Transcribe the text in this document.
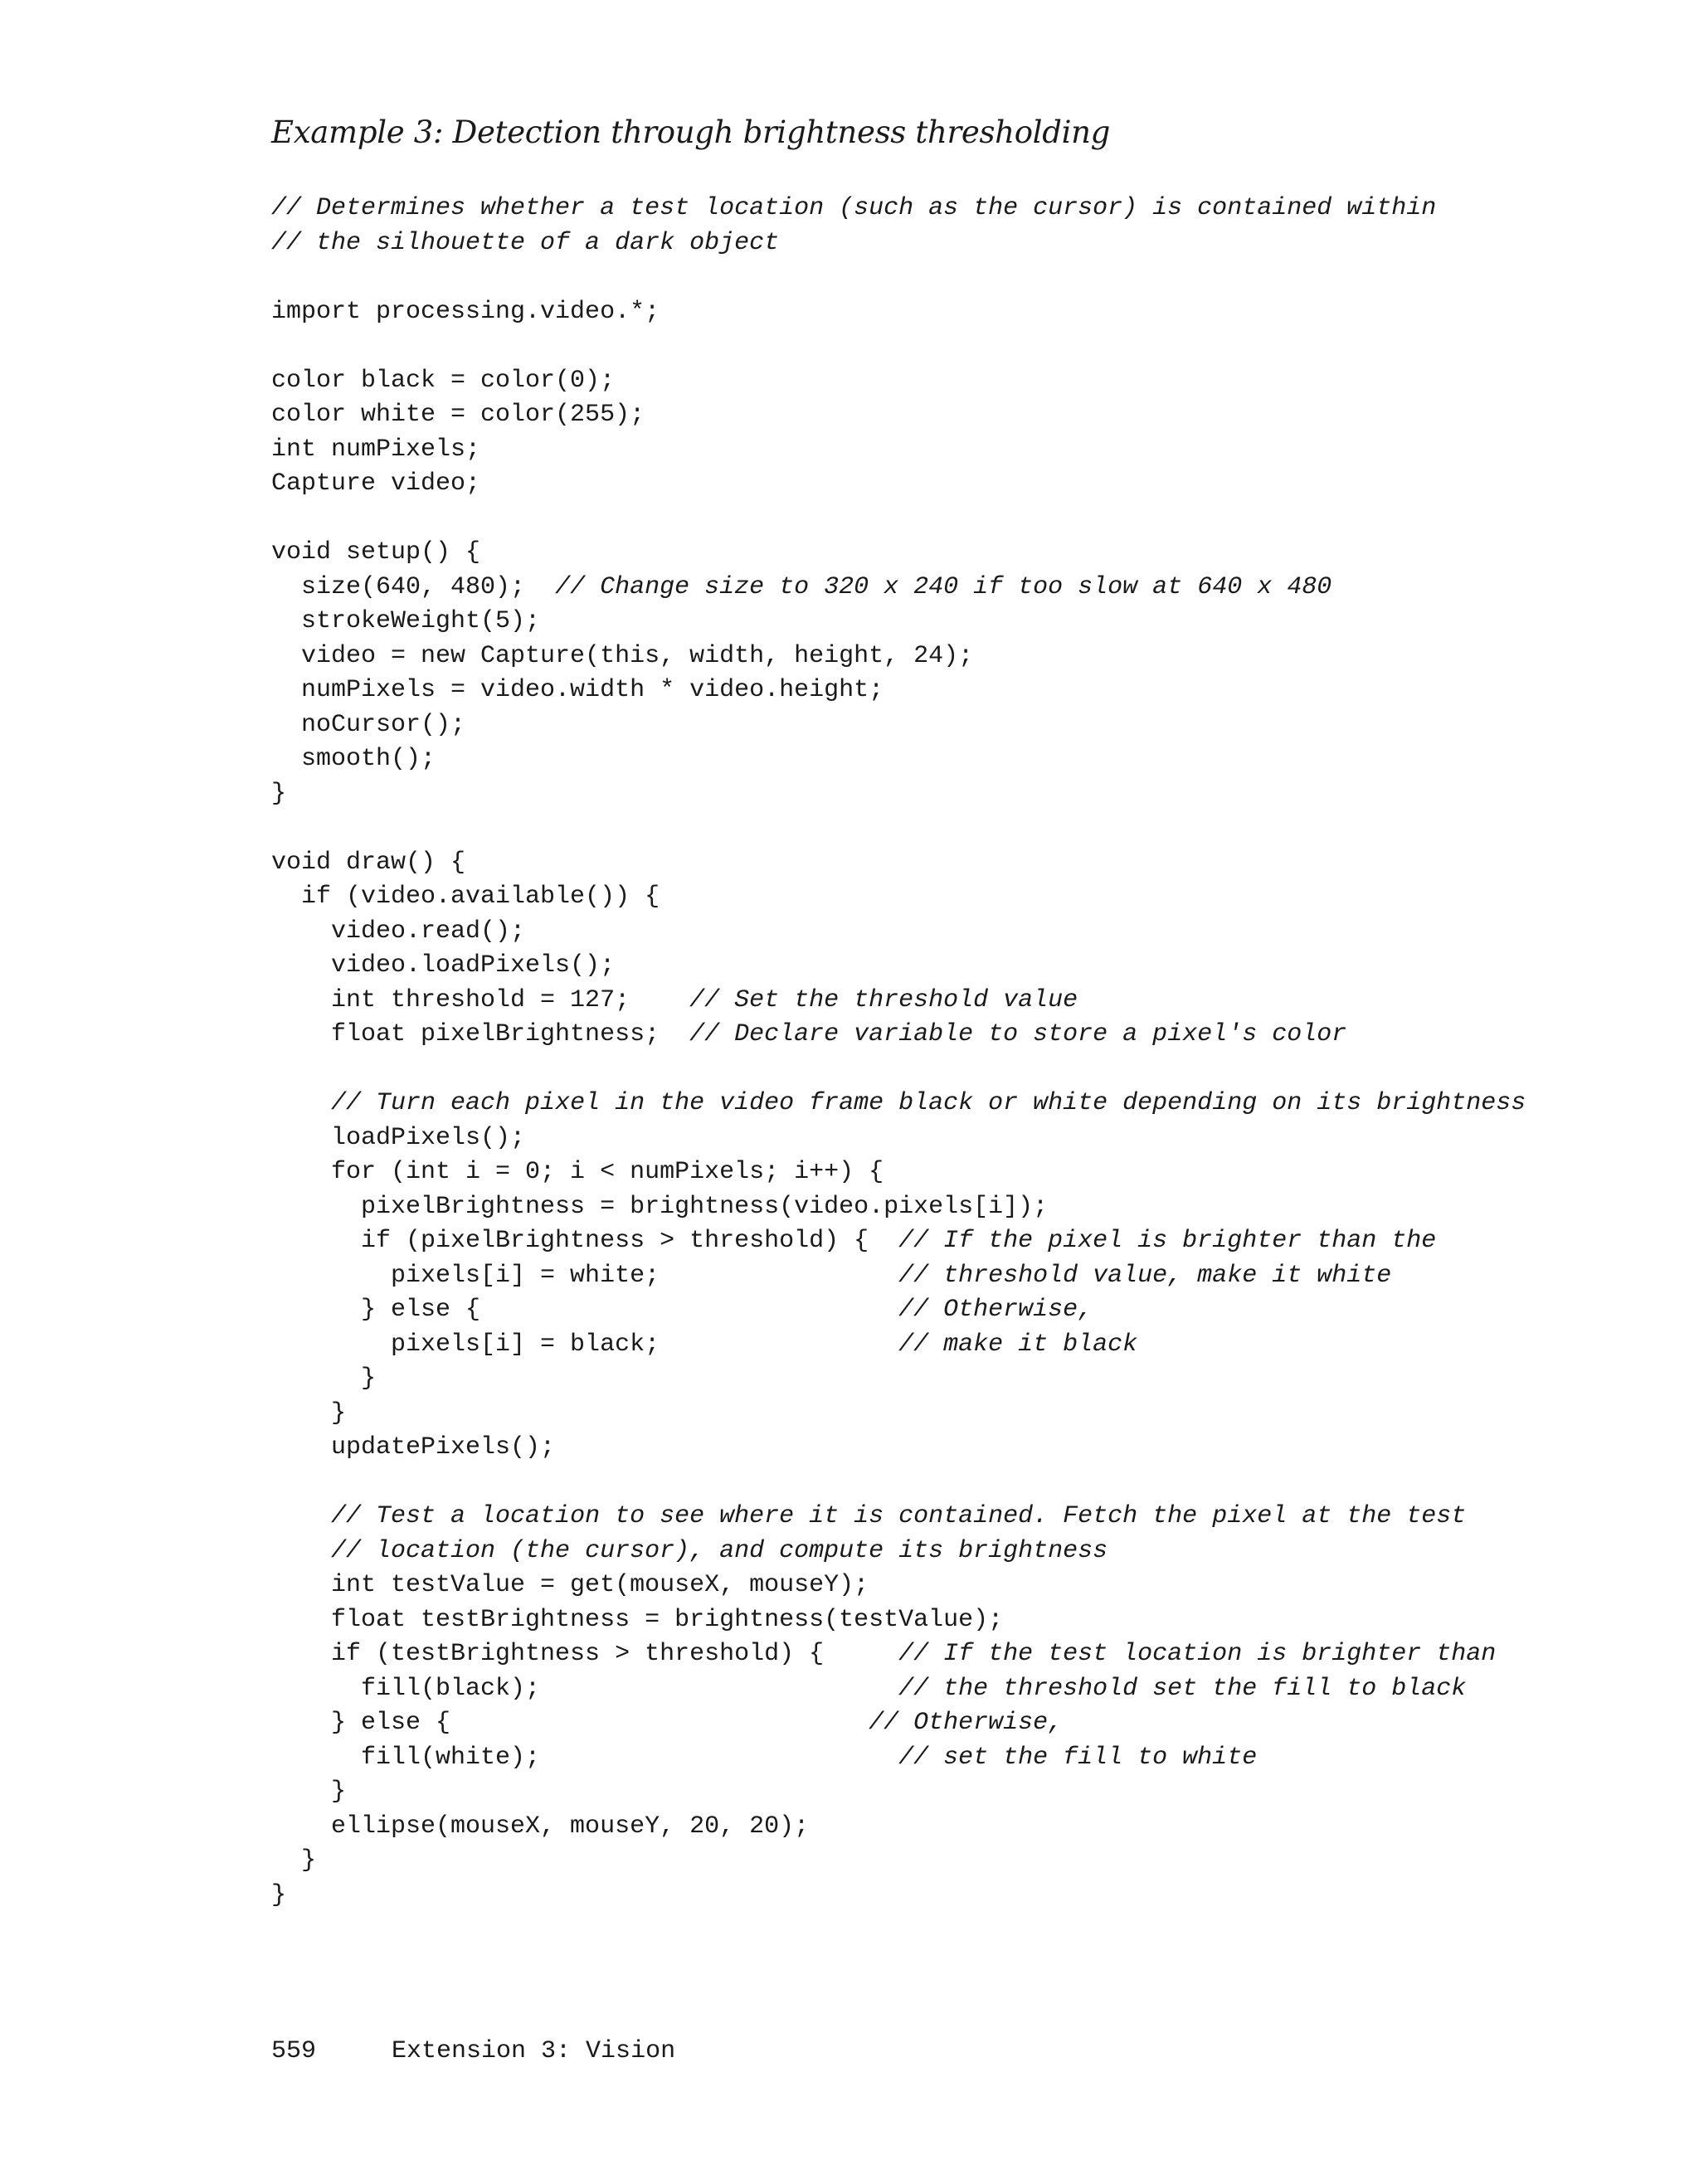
Example 3: Detection through brightness thresholding
// Determines whether a test location (such as the cursor) is contained within
// the silhouette of a dark object
import processing.video.*;
color black = color(0);
color white = color(255);
int numPixels;
Capture video;
void setup() {
size(640, 480);  // Change size to 320 x 240 if too slow at 640 x 480
strokeWeight(5);
video = new Capture(this, width, height, 24);
numPixels = video.width * video.height;
noCursor();
smooth();
}
void draw() {
if (video.available()) {
video.read();
video.loadPixels();
int threshold = 127;    // Set the threshold value
float pixelBrightness;  // Declare variable to store a pixel's color
// Turn each pixel in the video frame black or white depending on its brightness
loadPixels();
for (int i = 0; i < numPixels; i++) {
pixelBrightness = brightness(video.pixels[i]);
if (pixelBrightness > threshold) {  // If the pixel is brighter than the
pixels[i] = white;                // threshold value, make it white
} else {                            // Otherwise,
pixels[i] = black;                // make it black
}
}
updatePixels();
// Test a location to see where it is contained. Fetch the pixel at the test
// location (the cursor), and compute its brightness
int testValue = get(mouseX, mouseY);
float testBrightness = brightness(testValue);
if (testBrightness > threshold) {     // If the test location is brighter than
fill(black);                        // the threshold set the fill to black
} else {                            // Otherwise,
fill(white);                        // set the fill to white
}
ellipse(mouseX, mouseY, 20, 20);
}
}
559	Extension 3: Vision
